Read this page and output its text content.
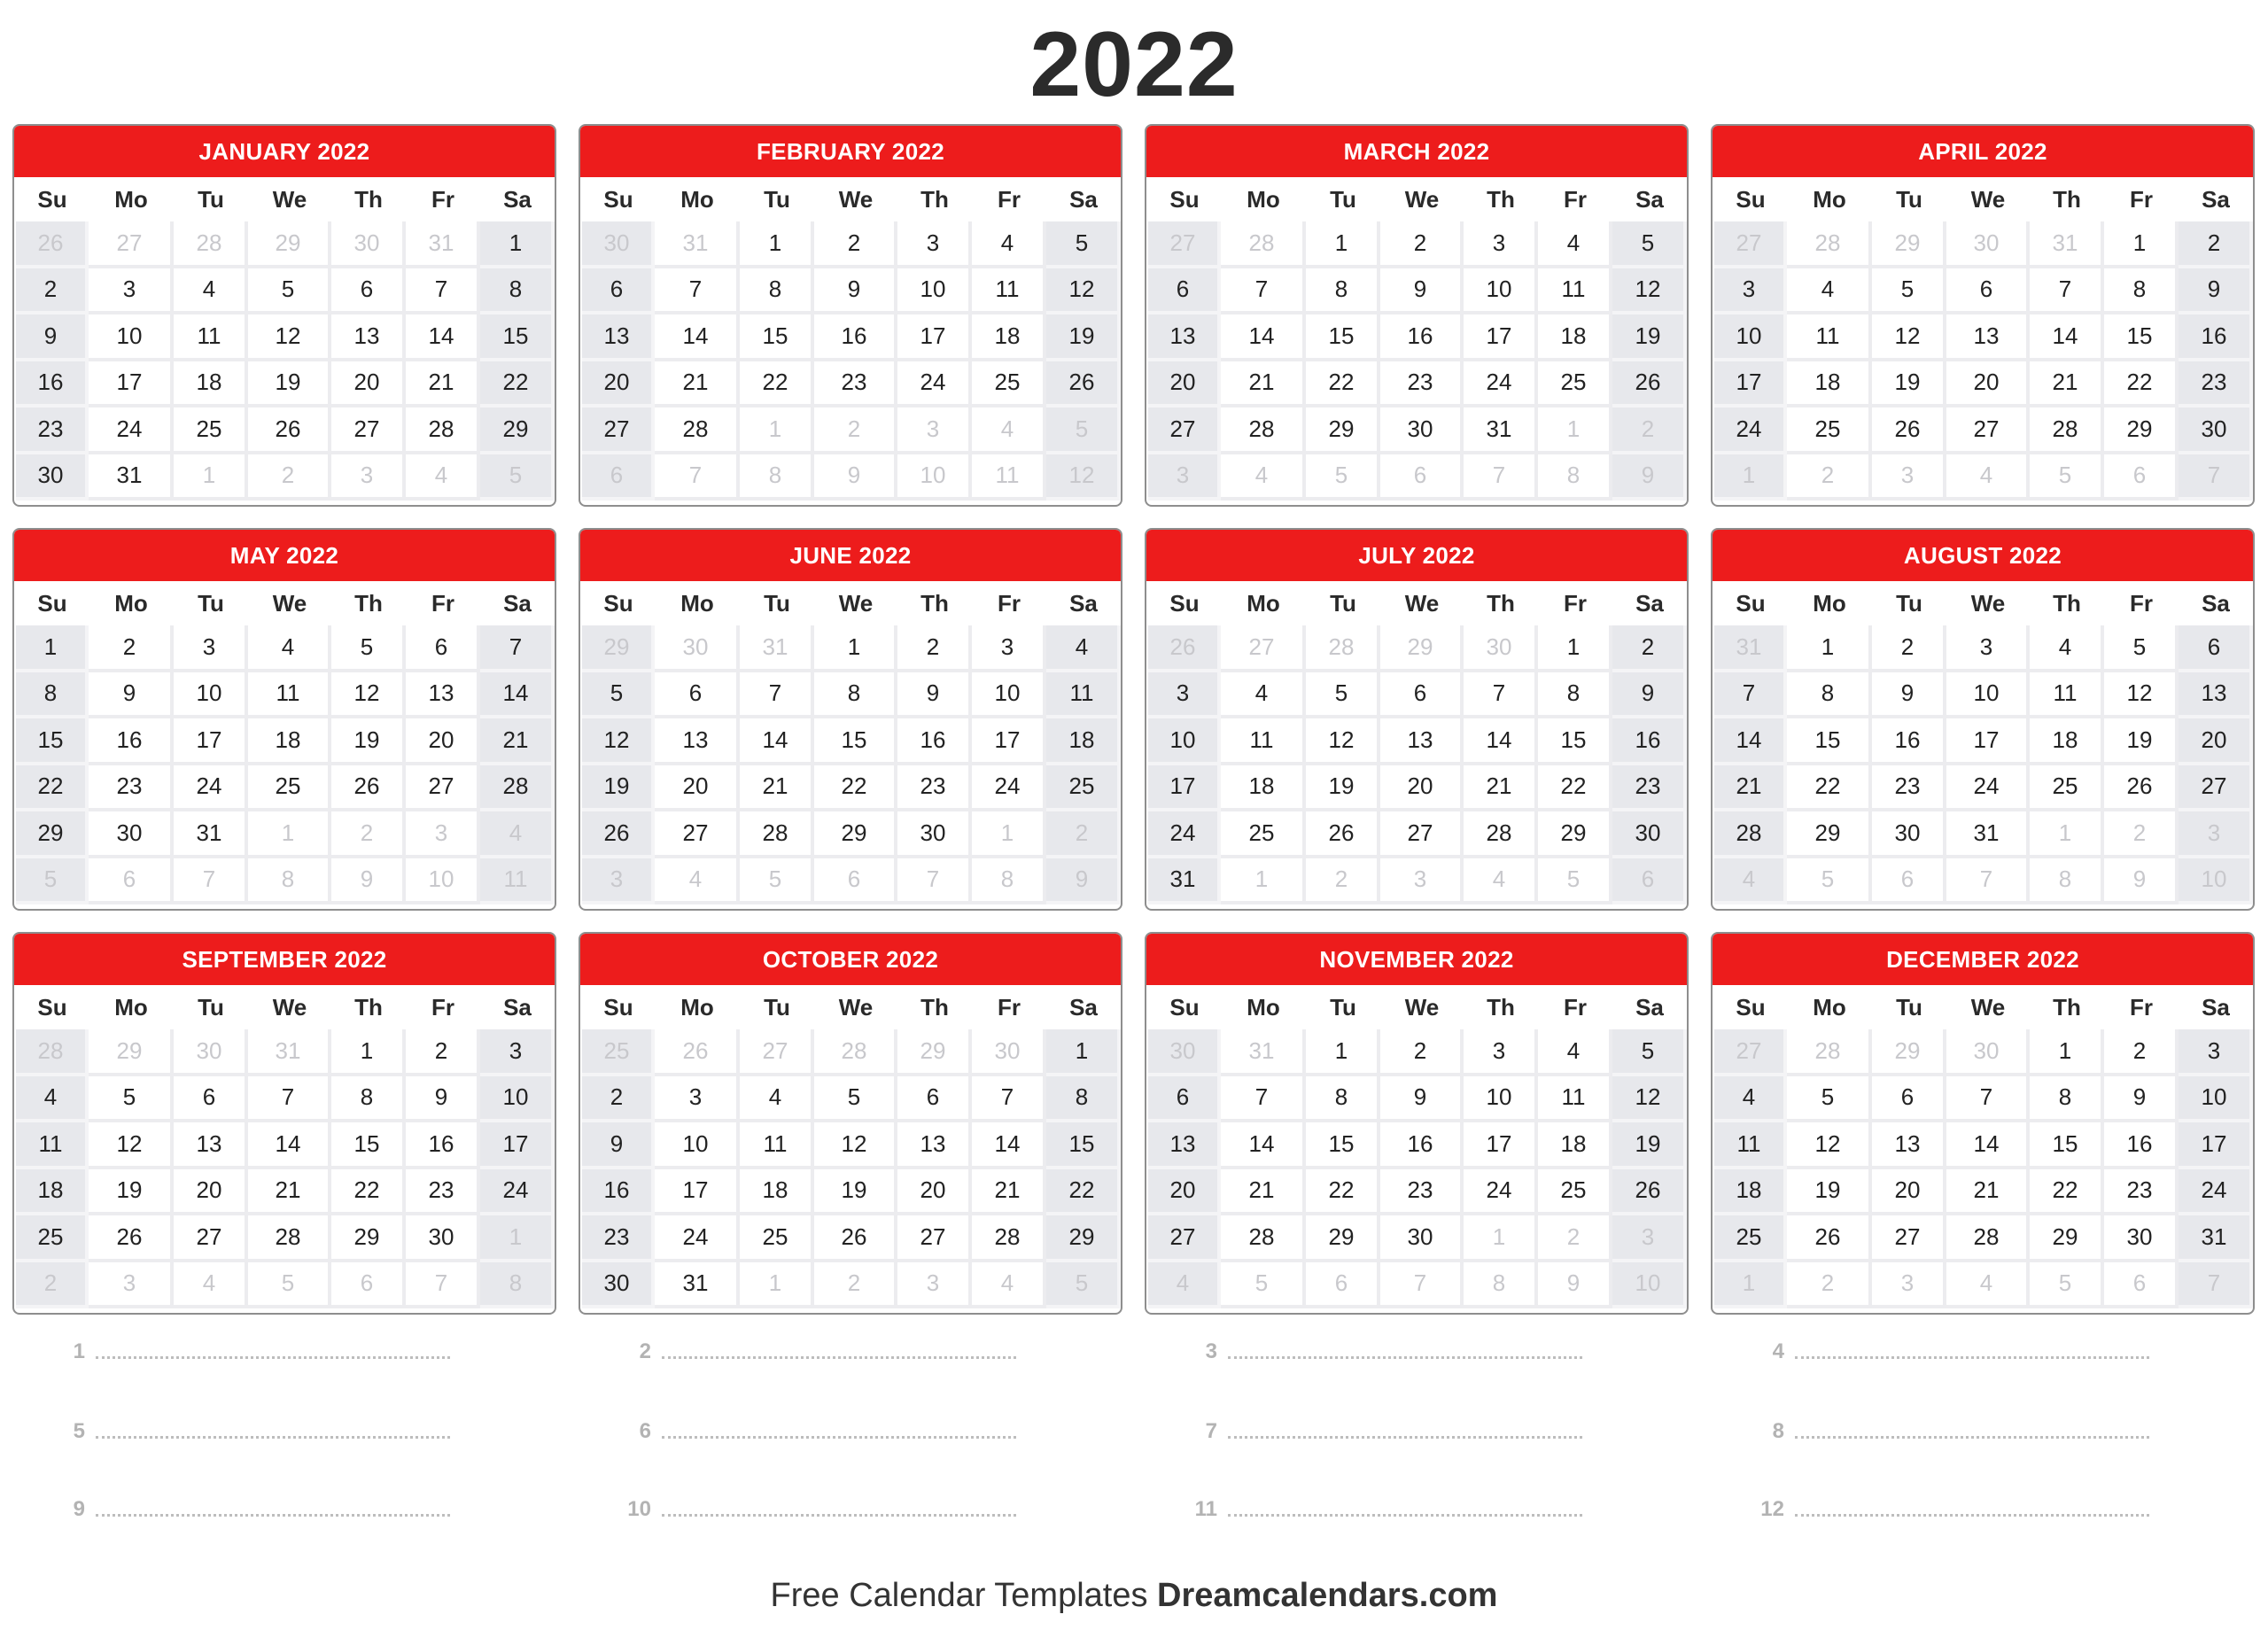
2022
JANUARY 2022
Su	Mo	Tu	We	Th	Fr	Sa
26	27	28	29	30	31	1
2	3	4	5	6	7	8
9	10	11	12	13	14	15
16	17	18	19	20	21	22
23	24	25	26	27	28	29
30	31	1	2	3	4	5
FEBRUARY 2022
Su	Mo	Tu	We	Th	Fr	Sa
30	31	1	2	3	4	5
6	7	8	9	10	11	12
13	14	15	16	17	18	19
20	21	22	23	24	25	26
27	28	1	2	3	4	5
6	7	8	9	10	11	12
MARCH 2022
Su	Mo	Tu	We	Th	Fr	Sa
27	28	1	2	3	4	5
6	7	8	9	10	11	12
13	14	15	16	17	18	19
20	21	22	23	24	25	26
27	28	29	30	31	1	2
3	4	5	6	7	8	9
APRIL 2022
Su	Mo	Tu	We	Th	Fr	Sa
27	28	29	30	31	1	2
3	4	5	6	7	8	9
10	11	12	13	14	15	16
17	18	19	20	21	22	23
24	25	26	27	28	29	30
1	2	3	4	5	6	7
MAY 2022
Su	Mo	Tu	We	Th	Fr	Sa
1	2	3	4	5	6	7
8	9	10	11	12	13	14
15	16	17	18	19	20	21
22	23	24	25	26	27	28
29	30	31	1	2	3	4
5	6	7	8	9	10	11
JUNE 2022
Su	Mo	Tu	We	Th	Fr	Sa
29	30	31	1	2	3	4
5	6	7	8	9	10	11
12	13	14	15	16	17	18
19	20	21	22	23	24	25
26	27	28	29	30	1	2
3	4	5	6	7	8	9
JULY 2022
Su	Mo	Tu	We	Th	Fr	Sa
26	27	28	29	30	1	2
3	4	5	6	7	8	9
10	11	12	13	14	15	16
17	18	19	20	21	22	23
24	25	26	27	28	29	30
31	1	2	3	4	5	6
AUGUST 2022
Su	Mo	Tu	We	Th	Fr	Sa
31	1	2	3	4	5	6
7	8	9	10	11	12	13
14	15	16	17	18	19	20
21	22	23	24	25	26	27
28	29	30	31	1	2	3
4	5	6	7	8	9	10
SEPTEMBER 2022
Su	Mo	Tu	We	Th	Fr	Sa
28	29	30	31	1	2	3
4	5	6	7	8	9	10
11	12	13	14	15	16	17
18	19	20	21	22	23	24
25	26	27	28	29	30	1
2	3	4	5	6	7	8
OCTOBER 2022
Su	Mo	Tu	We	Th	Fr	Sa
25	26	27	28	29	30	1
2	3	4	5	6	7	8
9	10	11	12	13	14	15
16	17	18	19	20	21	22
23	24	25	26	27	28	29
30	31	1	2	3	4	5
NOVEMBER 2022
Su	Mo	Tu	We	Th	Fr	Sa
30	31	1	2	3	4	5
6	7	8	9	10	11	12
13	14	15	16	17	18	19
20	21	22	23	24	25	26
27	28	29	30	1	2	3
4	5	6	7	8	9	10
DECEMBER 2022
Su	Mo	Tu	We	Th	Fr	Sa
27	28	29	30	1	2	3
4	5	6	7	8	9	10
11	12	13	14	15	16	17
18	19	20	21	22	23	24
25	26	27	28	29	30	31
1	2	3	4	5	6	7
1	2	3	4
5	6	7	8
9	10	11	12
Free Calendar Templates Dreamcalendars.com
